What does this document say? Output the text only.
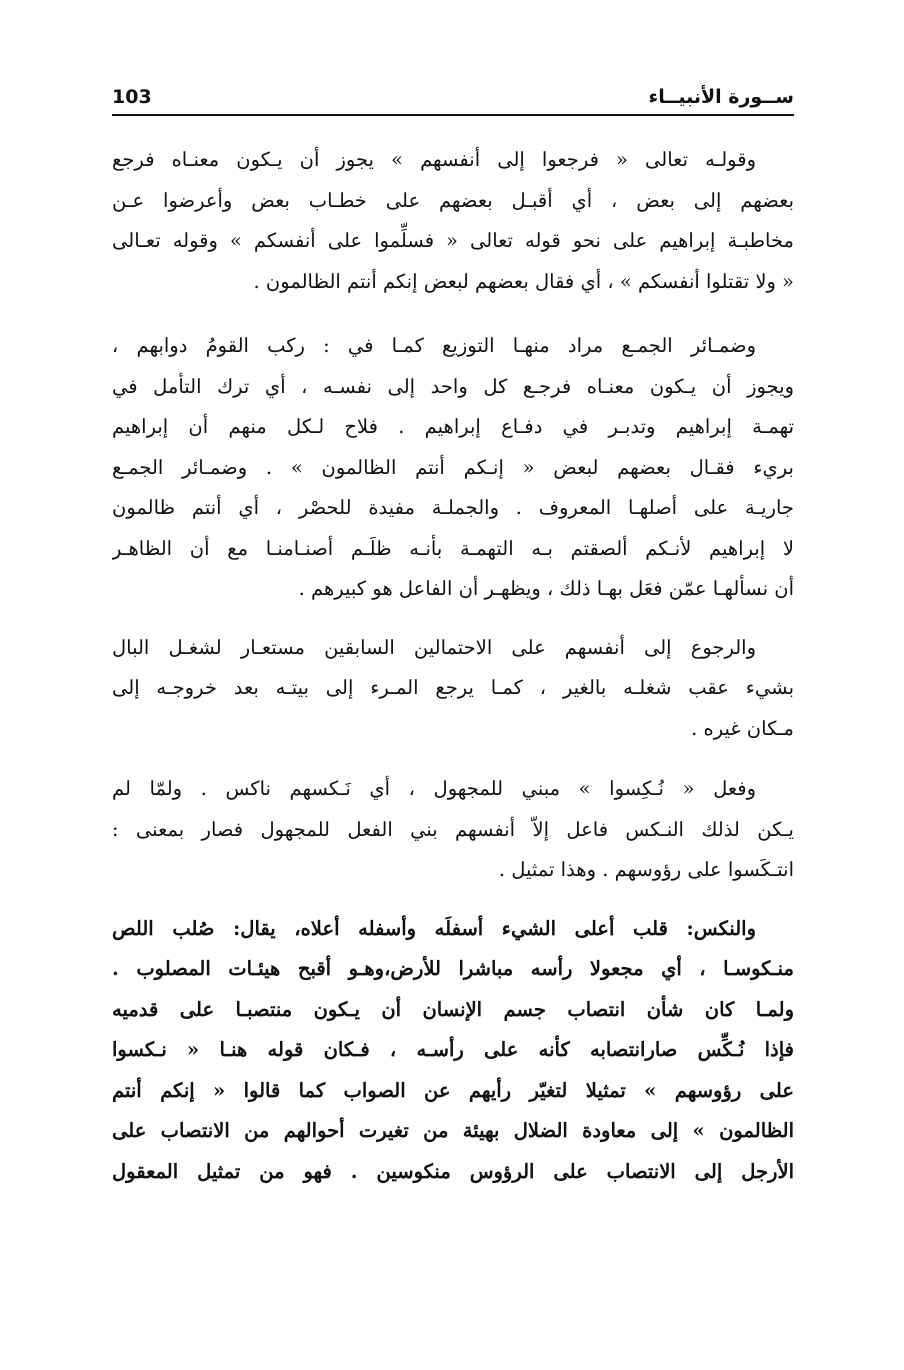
ســورة الأنبيــاء
103
وقولـه تعالى « فرجعوا إلى أنفسهم » يجوز أن يـكون معنـاه فرجع
بعضهم إلى بعض ، أي أقبـل بعضهم على خطـاب بعض وأعرضوا عـن
مخاطبـة إبراهيم على نحو قوله تعالى « فسلِّموا على أنفسكم » وقوله تعـالى
« ولا تقتلوا أنفسكم » ، أي فقال بعضهم لبعض إنكم أنتم الظالمون .
وضمـائر الجمـع مراد منهـا التوزيع كمـا في : ركب القومُ دوابهم ،
ويجوز أن يـكون معنـاه فرجـع كل واحد إلى نفسـه ، أي ترك التأمل في
تهمـة إبراهيم وتدبـر في دفـاع إبراهيم . فلاح لـكل منهم أن إبراهيم
بريء فقـال بعضهم لبعض « إنـكم أنتم الظالمون » . وضمـائر الجمـع
جاريـة على أصلهـا المعروف . والجملـة مفيدة للحصْر ، أي أنتم ظالمون
لا إبراهيم لأنـكم ألصقتم بـه التهمـة بأنـه ظلَـم أصنـامنـا مع أن الظاهـر
أن نسألهـا عمّن فعَل بهـا ذلك ، ويظهـر أن الفاعل هو كبيرهم .
والرجوع إلى أنفسهم على الاحتمالين السابقين مستعـار لشغـل البال
بشيء عقب شغلـه بالغير ، كمـا يرجع المـرء إلى بيتـه بعد خروجـه إلى
مـكان غيره .
وفعل « نُـكِسوا » مبني للمجهول ، أي نَـكسهم ناكس . ولمّا لم
يـكن لذلك النـكس فاعل إلاّ أنفسهم بني الفعل للمجهول فصار بمعنى :
انتـكَسوا على رؤوسهم . وهذا تمثيل .
والنكس: قلب أعلى الشيء أسفلَه وأسفله أعلاه، يقال: صُلب اللص
منـكوسـا ، أي مجعولا رأسه مباشرا للأرض،وهـو أقبح هيئـات المصلوب .
ولمـا كان شأن انتصاب جسم الإنسان أن يـكون منتصبـا على قدميه
فإذا نُـكِّس صارانتصابه كأنه على رأسـه ، فـكان قوله هنـا « نـكسوا
على رؤوسهم » تمثيلا لتغيّر رأيهم عن الصواب كما قالوا « إنكم أنتم
الظالمون » إلى معاودة الضلال بهيئة من تغيرت أحوالهم من الانتصاب على
الأرجل إلى الانتصاب على الرؤوس منكوسين . فهو من تمثيل المعقول
